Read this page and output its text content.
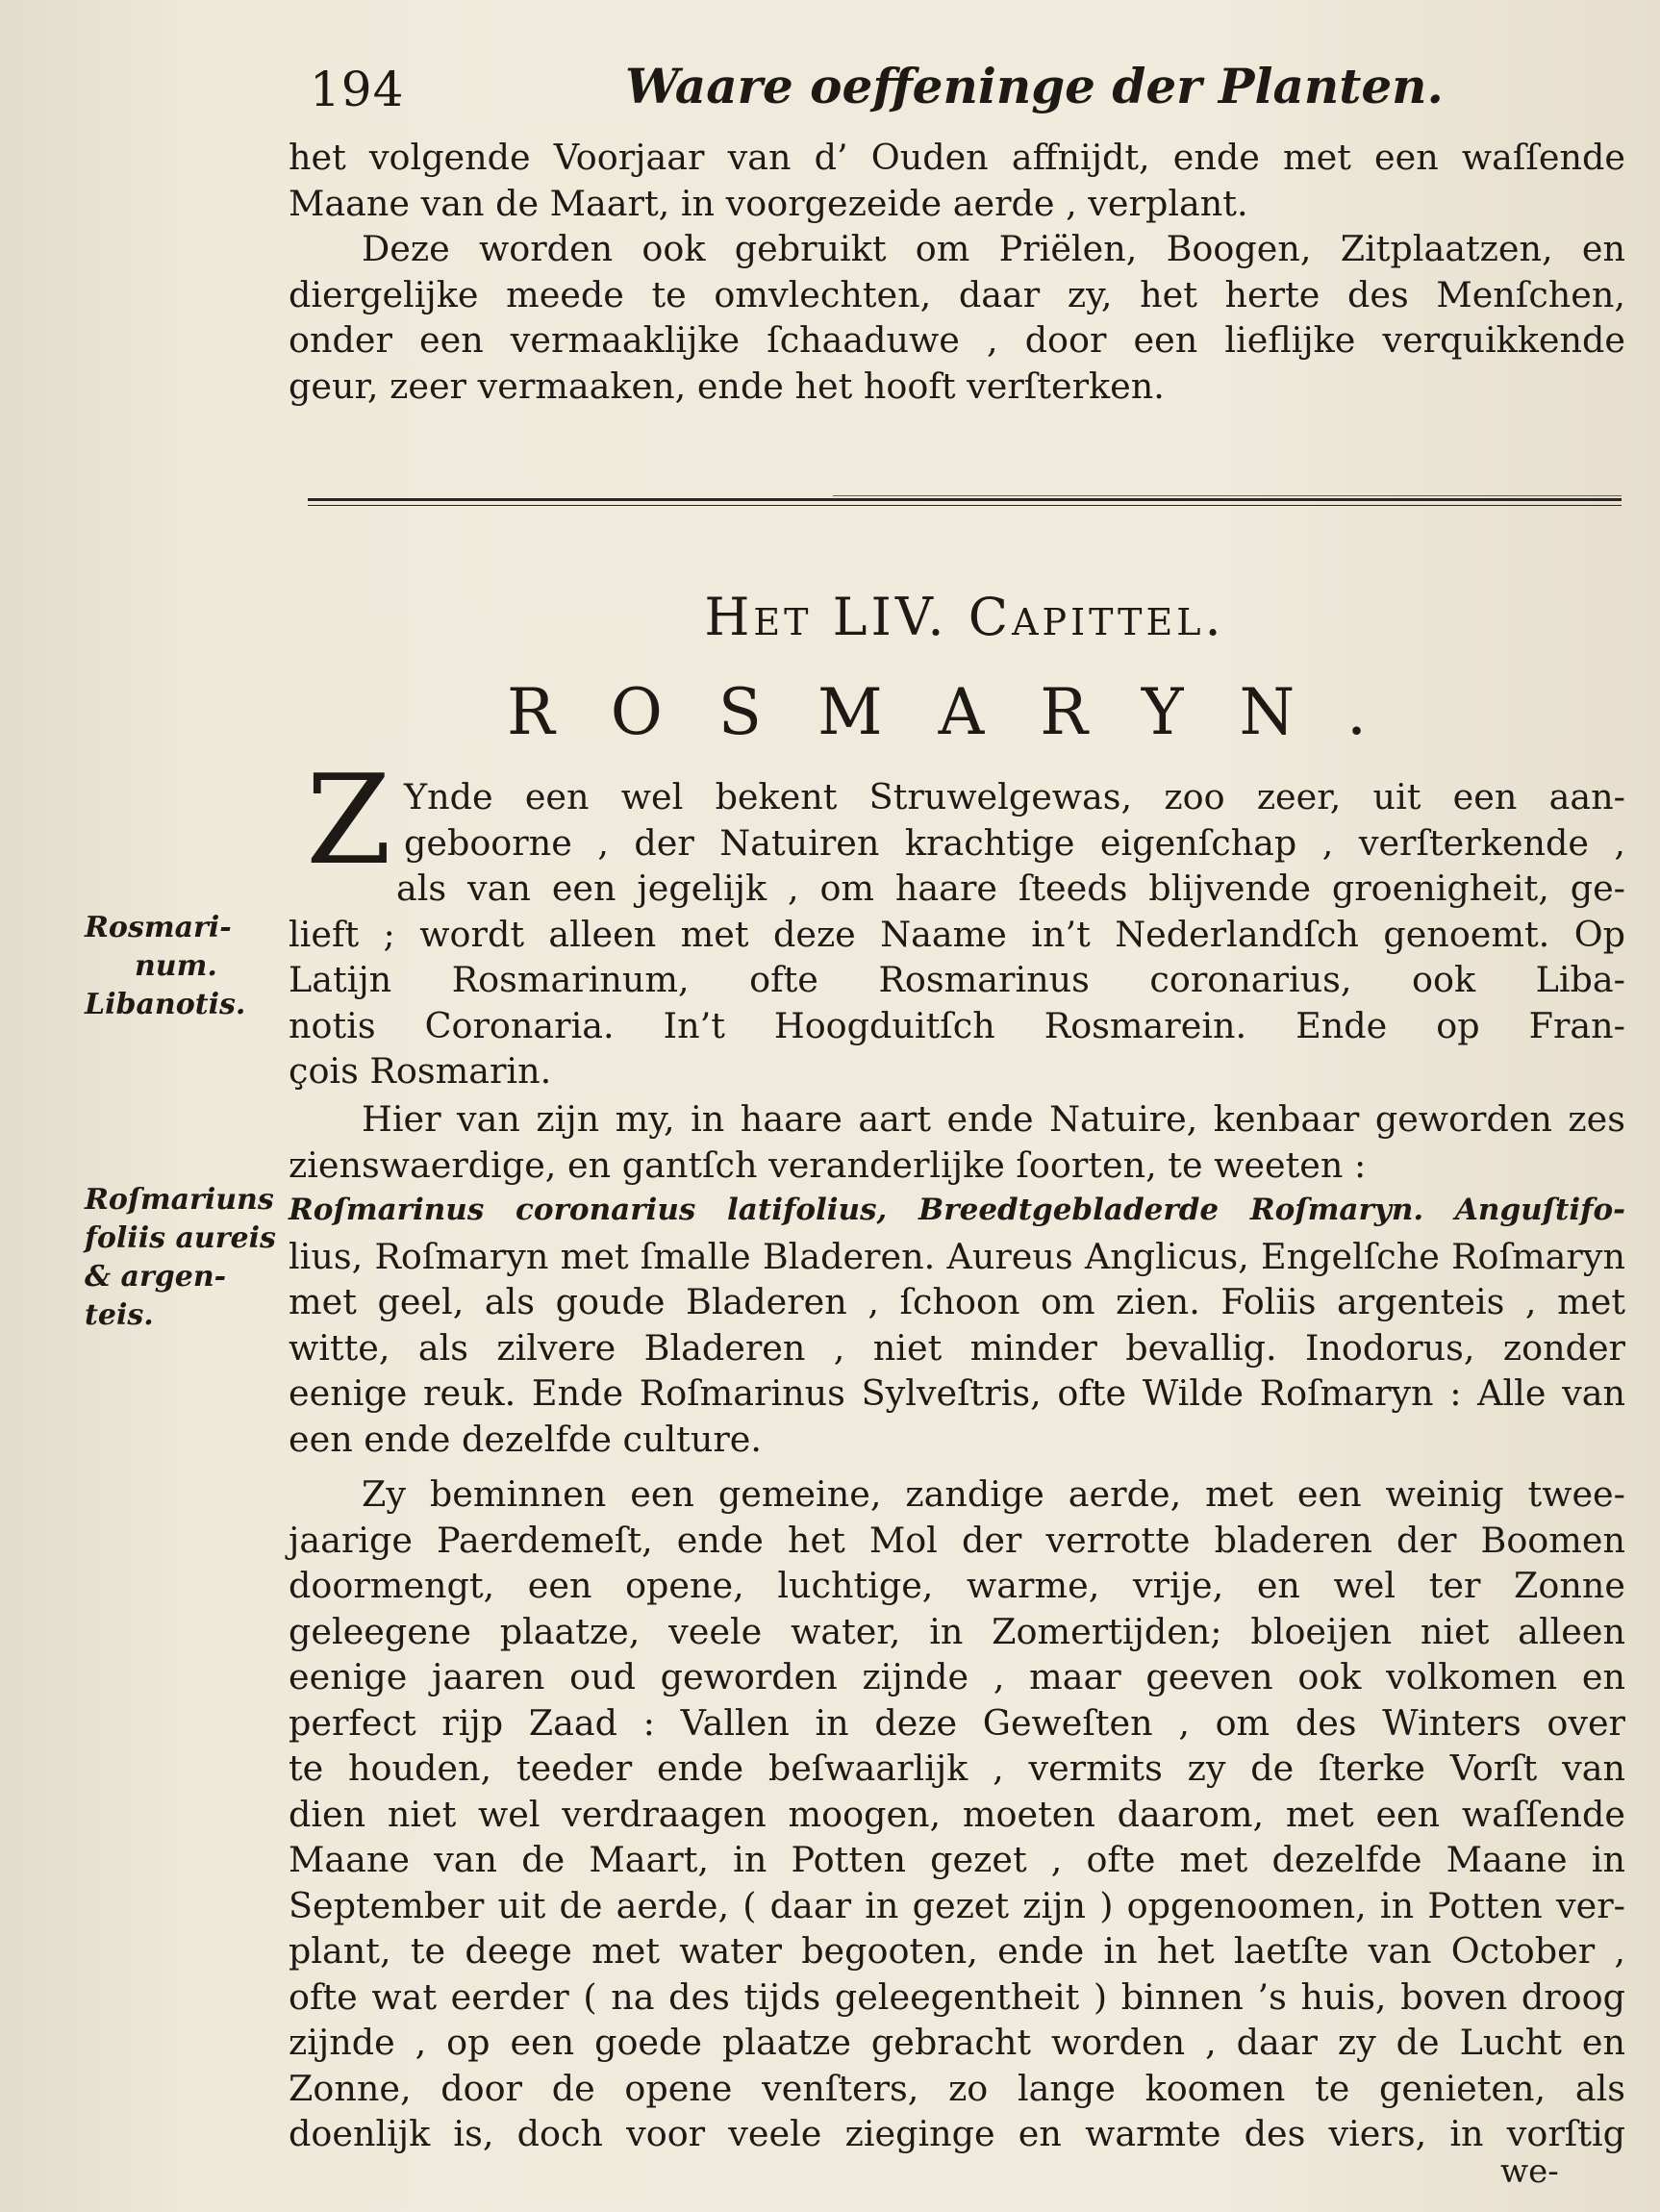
194	Waare oeffeninge der Planten.
het volgende Voorjaar van d’ Ouden affnijdt, ende met een waſſende
Maane van de Maart, in voorgezeide aerde , verplant.
Deze worden ook gebruikt om Priëlen, Boogen, Zitplaatzen, en
diergelijke meede te omvlechten, daar zy, het herte des Menſchen,
onder een vermaaklijke ſchaaduwe , door een lieflijke verquikkende
geur, zeer vermaaken, ende het hooft verſterken.
Het LIV. Capittel.
ROSMARYN.
Z Ynde een wel bekent Struwelgewas, zoo zeer, uit een aan-
geboorne , der Natuiren krachtige eigenſchap , verſterkende ,
als van een jegelijk , om haare ſteeds blijvende groenigheit, ge-
lieft ; wordt alleen met deze Naame in’t Nederlandſch genoemt. Op
Latijn Rosmarinum, ofte Rosmarinus coronarius, ook Liba-
notis Coronaria. In’t Hoogduitſch Rosmarein. Ende op Fran-
çois Rosmarin.
Hier van zijn my, in haare aart ende Natuire, kenbaar geworden zes
zienswaerdige, en gantſch veranderlijke ſoorten, te weeten :
Roſmarinus coronarius latifolius, Breedtgebladerde Roſmaryn. Anguſtifo-
lius, Roſmaryn met ſmalle Bladeren. Aureus Anglicus, Engelſche Roſmaryn
met geel, als goude Bladeren , ſchoon om zien. Foliis argenteis , met
witte, als zilvere Bladeren , niet minder bevallig. Inodorus, zonder
eenige reuk. Ende Roſmarinus Sylveſtris, ofte Wilde Roſmaryn : Alle van
een ende dezelfde culture.
Zy beminnen een gemeine, zandige aerde, met een weinig twee-
jaarige Paerdemeſt, ende het Mol der verrotte bladeren der Boomen
doormengt, een opene, luchtige, warme, vrije, en wel ter Zonne
geleegene plaatze, veele water, in Zomertijden; bloeijen niet alleen
eenige jaaren oud geworden zijnde , maar geeven ook volkomen en
perfect rijp Zaad : Vallen in deze Geweſten , om des Winters over
te houden, teeder ende beſwaarlijk , vermits zy de ſterke Vorſt van
dien niet wel verdraagen moogen, moeten daarom, met een waſſende
Maane van de Maart, in Potten gezet , ofte met dezelfde Maane in
September uit de aerde, ( daar in gezet zijn ) opgenoomen, in Potten ver-
plant, te deege met water begooten, ende in het laetſte van October ,
ofte wat eerder ( na des tijds geleegentheit ) binnen ’s huis, boven droog
zijnde , op een goede plaatze gebracht worden , daar zy de Lucht en
Zonne, door de opene venſters, zo lange koomen te genieten, als
doenlijk is, doch voor veele zieginge en warmte des viers, in vorſtig
Rosmari-
num.
Libanotis.
Roſmariuns
foliis aureis
& argen-
teis.
we-
